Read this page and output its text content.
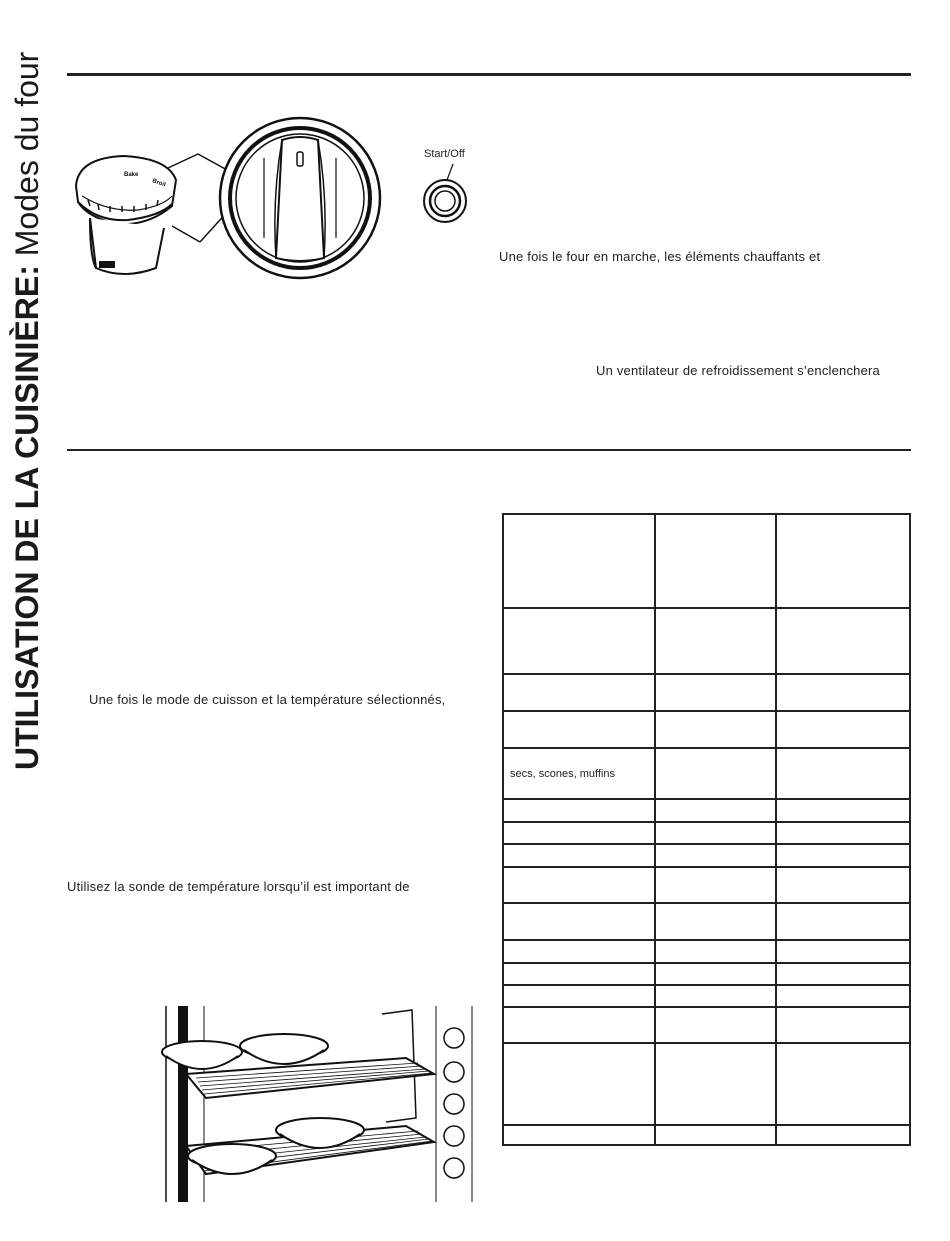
UTILISATION DE LA CUISINIÈRE: Modes du four	Bake
Broil
Start/Off
Une fois le four en marche, les éléments chauffants et
Un ventilateur de refroidissement s’enclenchera
Une fois le mode de cuisson et la température sélectionnés,
Utilisez la sonde de température lorsqu’il est important de
secs, scones, muffins
